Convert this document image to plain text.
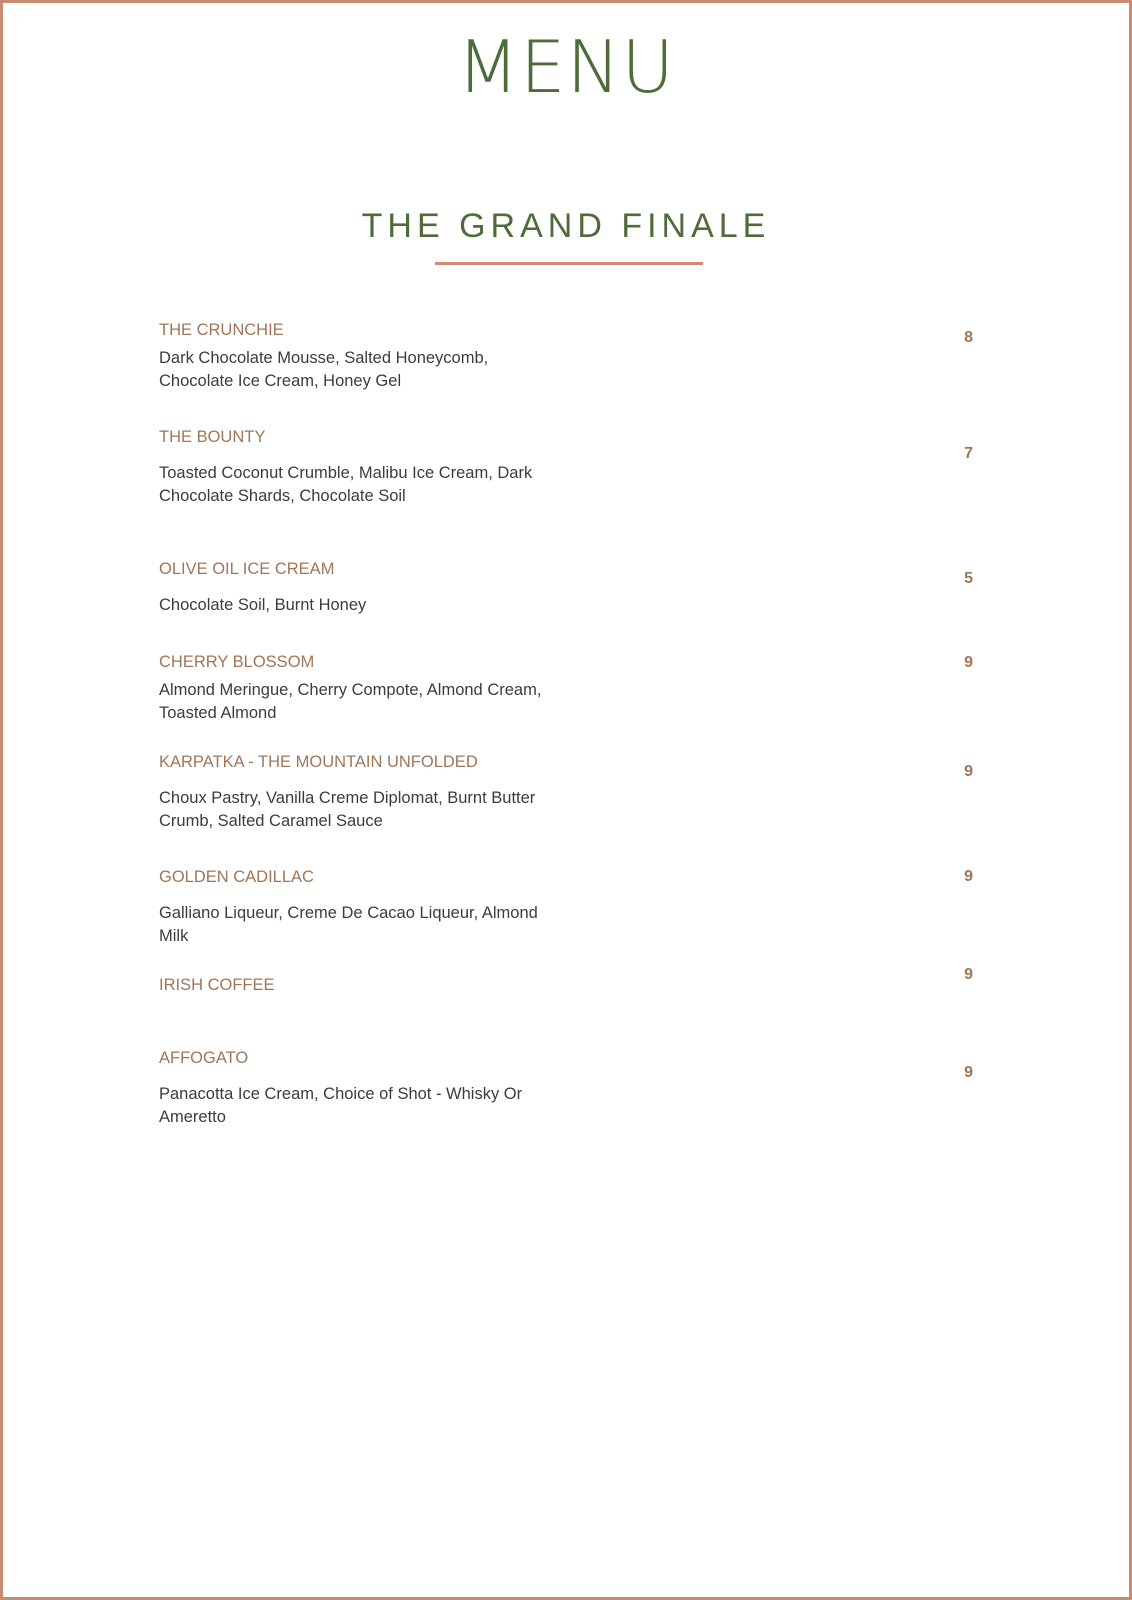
MENU
THE GRAND FINALE
THE CRUNCHIE
Dark Chocolate Mousse, Salted Honeycomb, Chocolate Ice Cream, Honey Gel
8
THE BOUNTY
Toasted Coconut Crumble, Malibu Ice Cream, Dark Chocolate Shards, Chocolate Soil
7
OLIVE OIL ICE CREAM
Chocolate Soil, Burnt Honey
5
CHERRY BLOSSOM
Almond Meringue, Cherry Compote, Almond Cream, Toasted Almond
9
KARPATKA - THE MOUNTAIN UNFOLDED
Choux Pastry, Vanilla Creme Diplomat, Burnt Butter Crumb, Salted Caramel Sauce
9
GOLDEN CADILLAC
Galliano Liqueur, Creme De Cacao Liqueur, Almond Milk
9
IRISH COFFEE
9
AFFOGATO
Panacotta Ice Cream, Choice of Shot - Whisky Or Ameretto
9
